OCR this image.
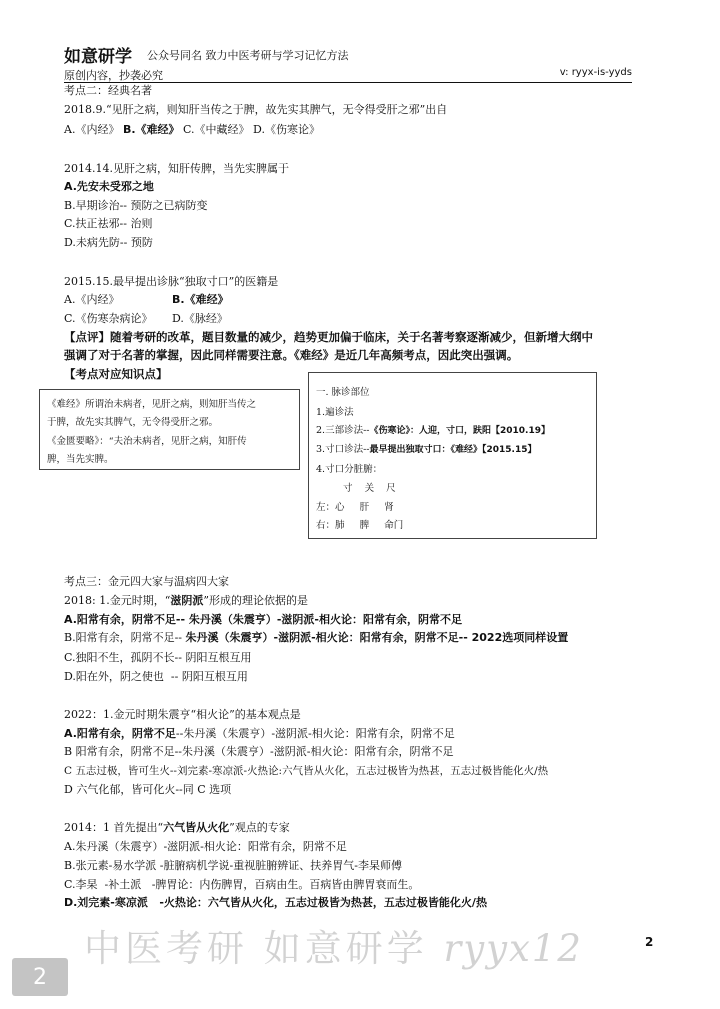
如意研学 公众号同名 致力中医考研与学习记忆方法
原创内容，抄袭必究	v: ryyx-is-yyds
考点二：经典名著
2018.9.“见肝之病，则知肝当传之于脾，故先实其脾气，无令得受肝之邪”出自
A.《内经》 B.《难经》 C.《中藏经》 D.《伤寒论》
2014.14.见肝之病，知肝传脾，当先实脾属于
A.先安未受邪之地
B.早期诊治-- 预防之已病防变
C.扶正祛邪-- 治则
D.未病先防-- 预防
2015.15.最早提出诊脉“独取寸口”的医籍是
A.《内经》	B.《难经》
C.《伤寒杂病论》 D.《脉经》
【点评】随着考研的改革，题目数量的减少，趋势更加偏于临床，关于名著考察逐渐减少，但新增大纲中
强调了对于名著的掌握，因此同样需要注意。《难经》是近几年高频考点，因此突出强调。
【考点对应知识点】
《难经》所谓治未病者，见肝之病，则知肝当传之
于脾，故先实其脾气，无令得受肝之邪。
《金匮要略》：“夫治未病者，见肝之病，知肝传
脾，当先实脾。
一. 脉诊部位
1.遍诊法
2.三部诊法--《伤寒论》：人迎，寸口，趺阳【2010.19】
3.寸口诊法--最早提出独取寸口：《难经》【2015.15】
4.寸口分脏腑：
寸    关    尺
左：心     肝     肾
右：肺     脾     命门
考点三：金元四大家与温病四大家
2018: 1.金元时期，“滋阴派”形成的理论依据的是
A.阳常有余，阴常不足-- 朱丹溪（朱震亨）-滋阴派-相火论：阳常有余，阴常不足
B.阳常有余，阴常不足-- 朱丹溪（朱震亨）-滋阴派-相火论：阳常有余，阴常不足-- 2022选项同样设置
C.独阳不生，孤阴不长-- 阴阳互根互用
D.阳在外，阴之使也  -- 阴阳互根互用
2022：1.金元时期朱震亨“相火论”的基本观点是
A.阳常有余，阴常不足--朱丹溪（朱震亨）-滋阴派-相火论：阳常有余，阴常不足
B 阳常有余，阴常不足--朱丹溪（朱震亨）-滋阴派-相火论：阳常有余，阴常不足
C 五志过极，皆可生火--刘完素-寒凉派-火热论:六气皆从火化，五志过极皆为热甚，五志过极皆能化火/热
D 六气化郁，皆可化火--同 C 选项
2014：1 首先提出“六气皆从火化”观点的专家
A.朱丹溪（朱震亨）-滋阴派-相火论：阳常有余，阴常不足
B.张元素-易水学派 -脏腑病机学说-重视脏腑辨证、扶养胃气-李杲师傅
C.李杲  -补土派   -脾胃论：内伤脾胃，百病由生。百病皆由脾胃衰而生。
D.刘完素-寒凉派   -火热论：六气皆从火化，五志过极皆为热甚，五志过极皆能化火/热
中医考研 如意研学 ryyx12	2
2
